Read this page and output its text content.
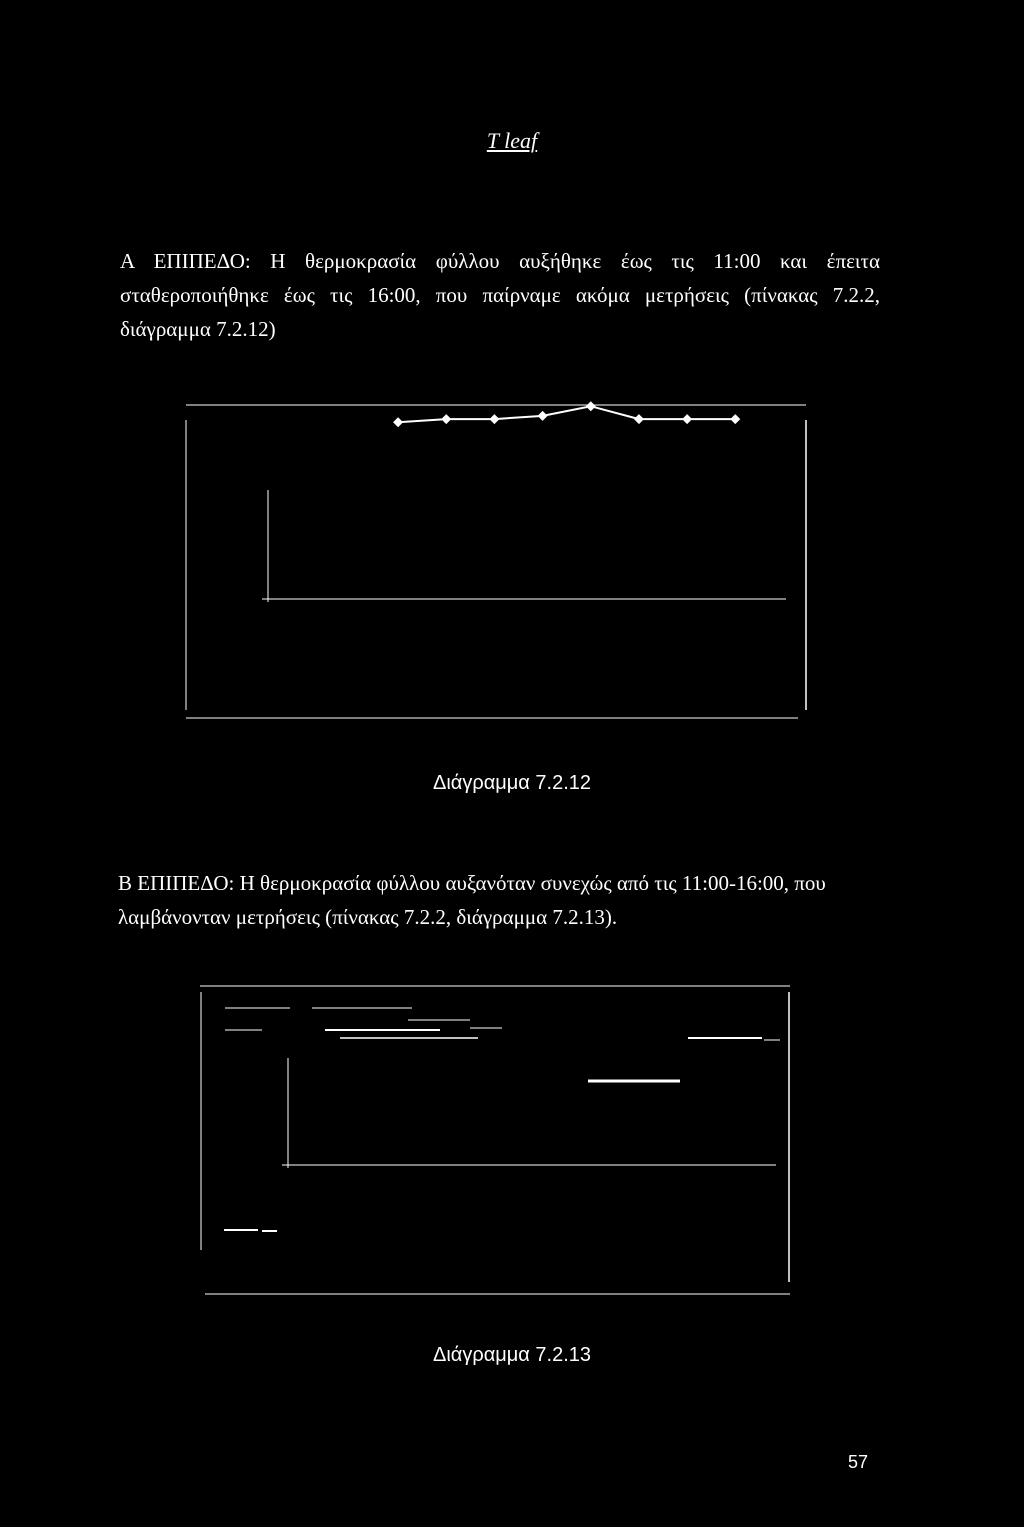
T leaf

Α ΕΠΙΠΕΔΟ: Η θερμοκρασία φύλλου αυξήθηκε έως τις 11:00 και έπειτα σταθεροποιήθηκε έως τις 16:00, που παίρναμε ακόμα μετρήσεις (πίνακας 7.2.2, διάγραμμα 7.2.12)

Διάγραμμα 7.2.12

Β ΕΠΙΠΕΔΟ: Η θερμοκρασία φύλλου αυξανόταν συνεχώς από τις 11:00-16:00, που λαμβάνονταν μετρήσεις (πίνακας 7.2.2, διάγραμμα 7.2.13).

Διάγραμμα 7.2.13
57
